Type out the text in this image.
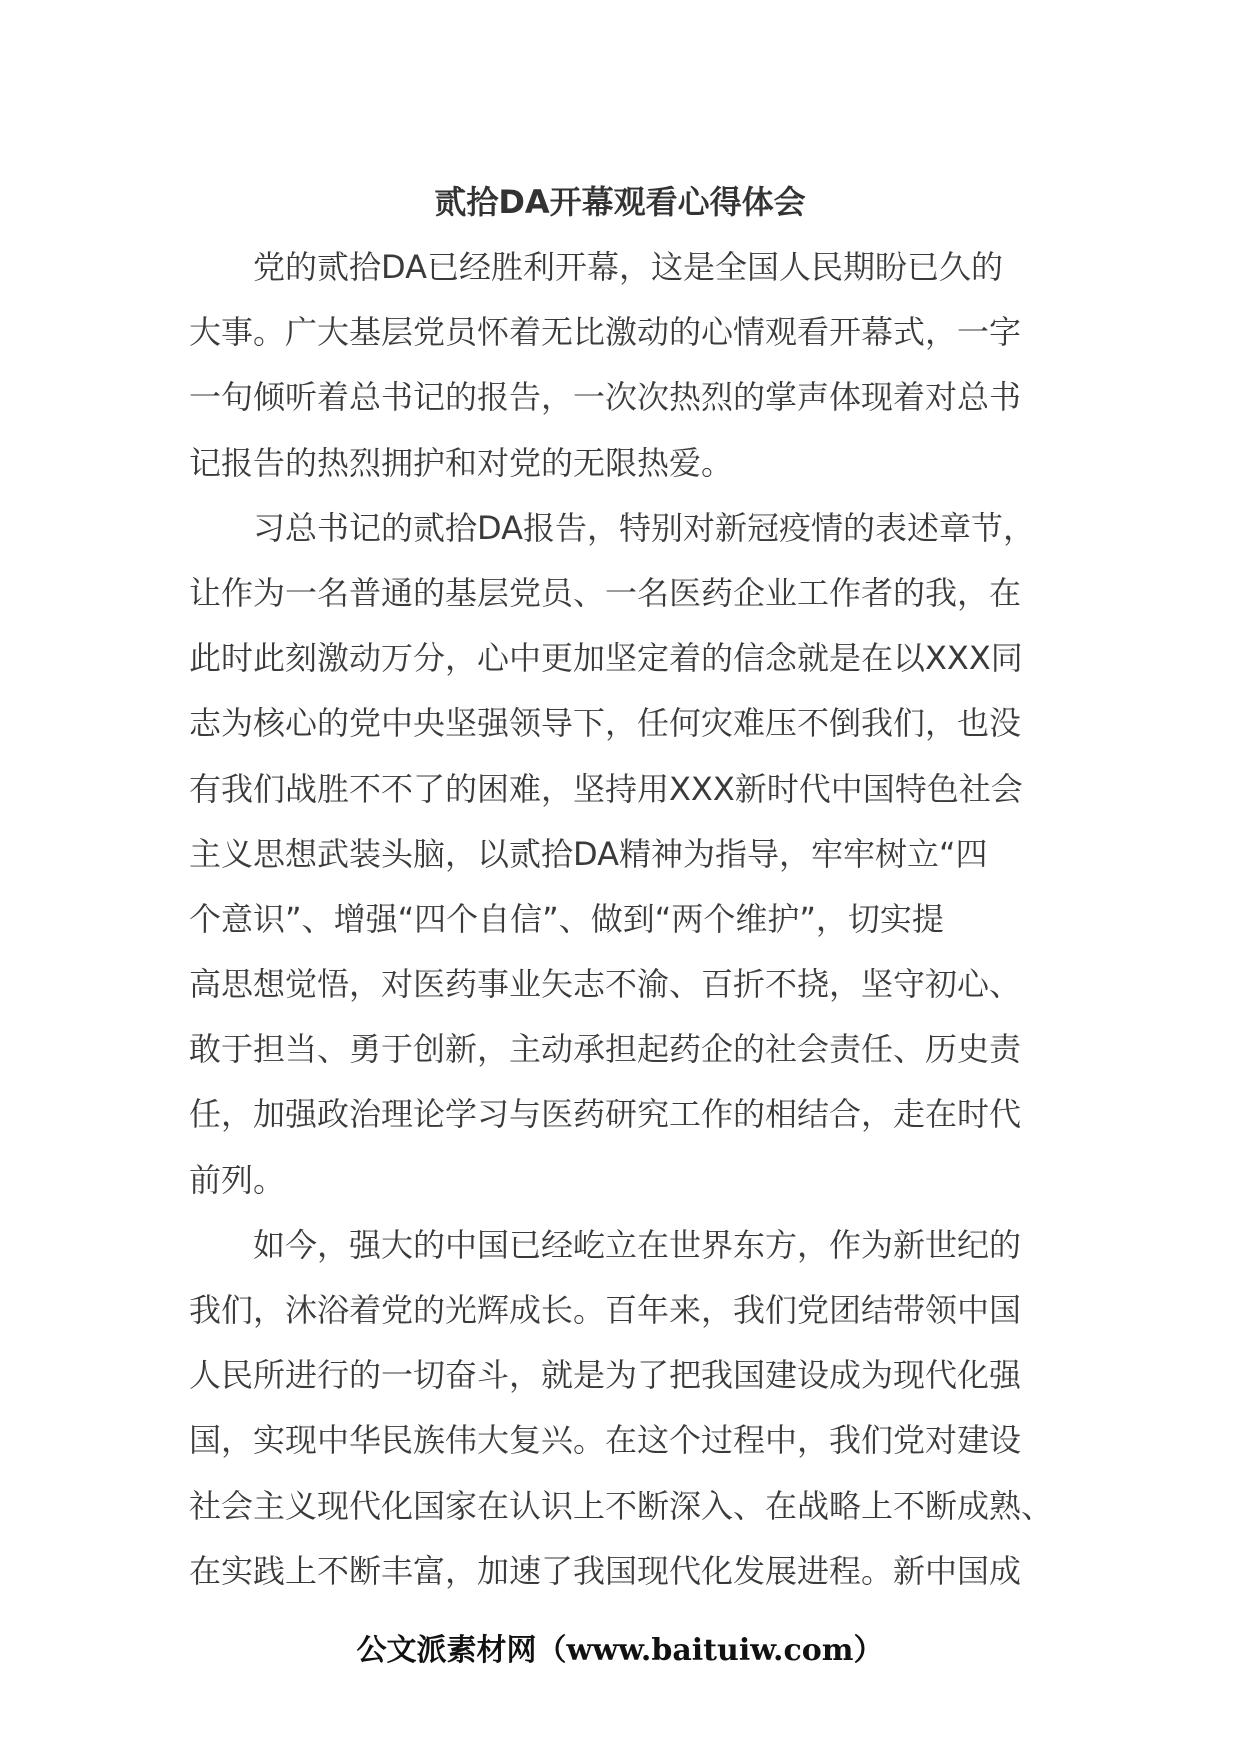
贰拾DA开幕观看心得体会

党的贰拾DA已经胜利开幕，这是全国人民期盼已久的
大事。广大基层党员怀着无比激动的心情观看开幕式，一字
一句倾听着总书记的报告，一次次热烈的掌声体现着对总书
记报告的热烈拥护和对党的无限热爱。

习总书记的贰拾DA报告，特别对新冠疫情的表述章节，
让作为一名普通的基层党员、一名医药企业工作者的我，在
此时此刻激动万分，心中更加坚定着的信念就是在以XXX同
志为核心的党中央坚强领导下，任何灾难压不倒我们，也没
有我们战胜不不了的困难，坚持用XXX新时代中国特色社会
主义思想武装头脑，以贰拾DA精神为指导，牢牢树立“四
个意识”、增强“四个自信”、做到“两个维护”，切实提
高思想觉悟，对医药事业矢志不渝、百折不挠，坚守初心、
敢于担当、勇于创新，主动承担起药企的社会责任、历史责
任，加强政治理论学习与医药研究工作的相结合，走在时代
前列。

如今，强大的中国已经屹立在世界东方，作为新世纪的
我们，沐浴着党的光辉成长。百年来，我们党团结带领中国
人民所进行的一切奋斗，就是为了把我国建设成为现代化强
国，实现中华民族伟大复兴。在这个过程中，我们党对建设
社会主义现代化国家在认识上不断深入、在战略上不断成熟、
在实践上不断丰富，加速了我国现代化发展进程。新中国成

公文派素材网（www.baituiw.com）
